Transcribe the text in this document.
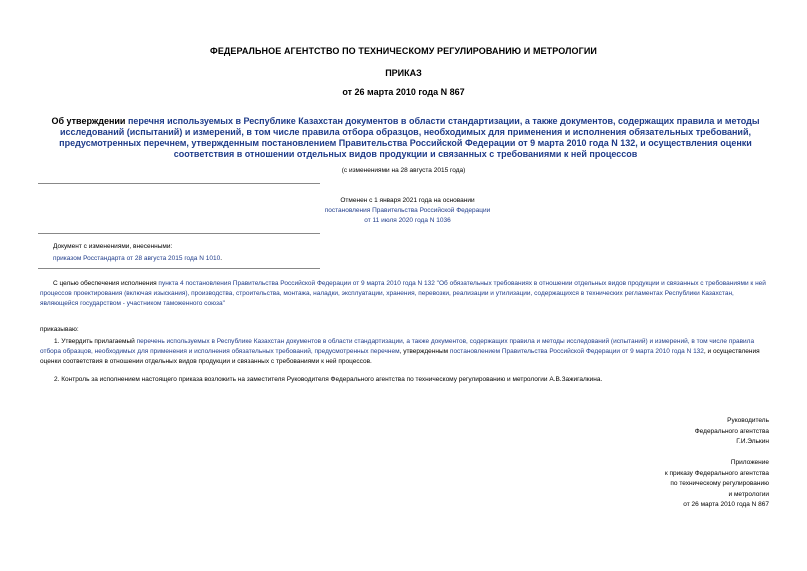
ФЕДЕРАЛЬНОЕ АГЕНТСТВО ПО ТЕХНИЧЕСКОМУ РЕГУЛИРОВАНИЮ И МЕТРОЛОГИИ
ПРИКАЗ
от 26 марта 2010 года N 867
Об утверждении перечня используемых в Республике Казахстан документов в области стандартизации, а также документов, содержащих правила и методы исследований (испытаний) и измерений, в том числе правила отбора образцов, необходимых для применения и исполнения обязательных требований, предусмотренных перечнем, утвержденным постановлением Правительства Российской Федерации от 9 марта 2010 года N 132, и осуществления оценки соответствия в отношении отдельных видов продукции и связанных с требованиями к ней процессов
(с изменениями на 28 августа 2015 года)
Отменен с 1 января 2021 года на основании
постановления Правительства Российской Федерации
от 11 июля 2020 года N 1036
Документ с изменениями, внесенными:
приказом Росстандарта от 28 августа 2015 года N 1010.
С целью обеспечения исполнения пункта 4 постановления Правительства Российской Федерации от 9 марта 2010 года N 132 "Об обязательных требованиях в отношении отдельных видов продукции и связанных с требованиями к ней процессов проектирования (включая изыскания), производства, строительства, монтажа, наладки, эксплуатации, хранения, перевозки, реализации и утилизации, содержащихся в технических регламентах Республики Казахстан, являющейся государством - участником таможенного союза"
приказываю:
1. Утвердить прилагаемый перечень используемых в Республике Казахстан документов в области стандартизации, а также документов, содержащих правила и методы исследований (испытаний) и измерений, в том числе правила отбора образцов, необходимых для применения и исполнения обязательных требований, предусмотренных перечнем, утвержденным постановлением Правительства Российской Федерации от 9 марта 2010 года N 132, и осуществления оценки соответствия в отношении отдельных видов продукции и связанных с требованиями к ней процессов.
2. Контроль за исполнением настоящего приказа возложить на заместителя Руководителя Федерального агентства по техническому регулированию и метрологии А.В.Зажигалкина.
Руководитель
Федерального агентства
Г.И.Элькин
Приложение
к приказу Федерального агентства
по техническому регулированию
и метрологии
от 26 марта 2010 года N 867
